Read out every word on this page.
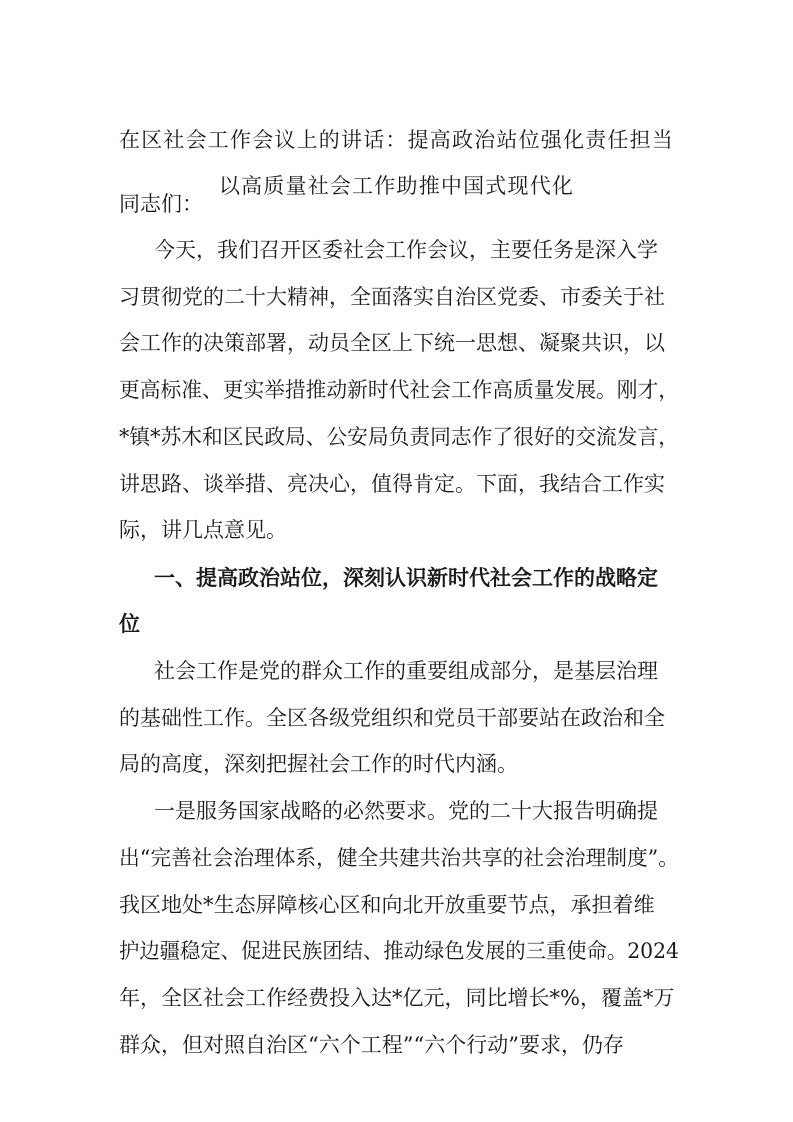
在区社会工作会议上的讲话：提高政治站位强化责任担当
以高质量社会工作助推中国式现代化
同志们：
今天，我们召开区委社会工作会议，主要任务是深入学
习贯彻党的二十大精神，全面落实自治区党委、市委关于社
会工作的决策部署，动员全区上下统一思想、凝聚共识，以
更高标准、更实举措推动新时代社会工作高质量发展。刚才，
*镇*苏木和区民政局、公安局负责同志作了很好的交流发言，
讲思路、谈举措、亮决心，值得肯定。下面，我结合工作实
际，讲几点意见。
一、提高政治站位，深刻认识新时代社会工作的战略定
位
社会工作是党的群众工作的重要组成部分，是基层治理
的基础性工作。全区各级党组织和党员干部要站在政治和全
局的高度，深刻把握社会工作的时代内涵。
一是服务国家战略的必然要求。党的二十大报告明确提
出“完善社会治理体系，健全共建共治共享的社会治理制度”。
我区地处*生态屏障核心区和向北开放重要节点，承担着维
护边疆稳定、促进民族团结、推动绿色发展的三重使命。2024
年，全区社会工作经费投入达*亿元，同比增长*%，覆盖*万
群众，但对照自治区“六个工程”“六个行动”要求，仍存
